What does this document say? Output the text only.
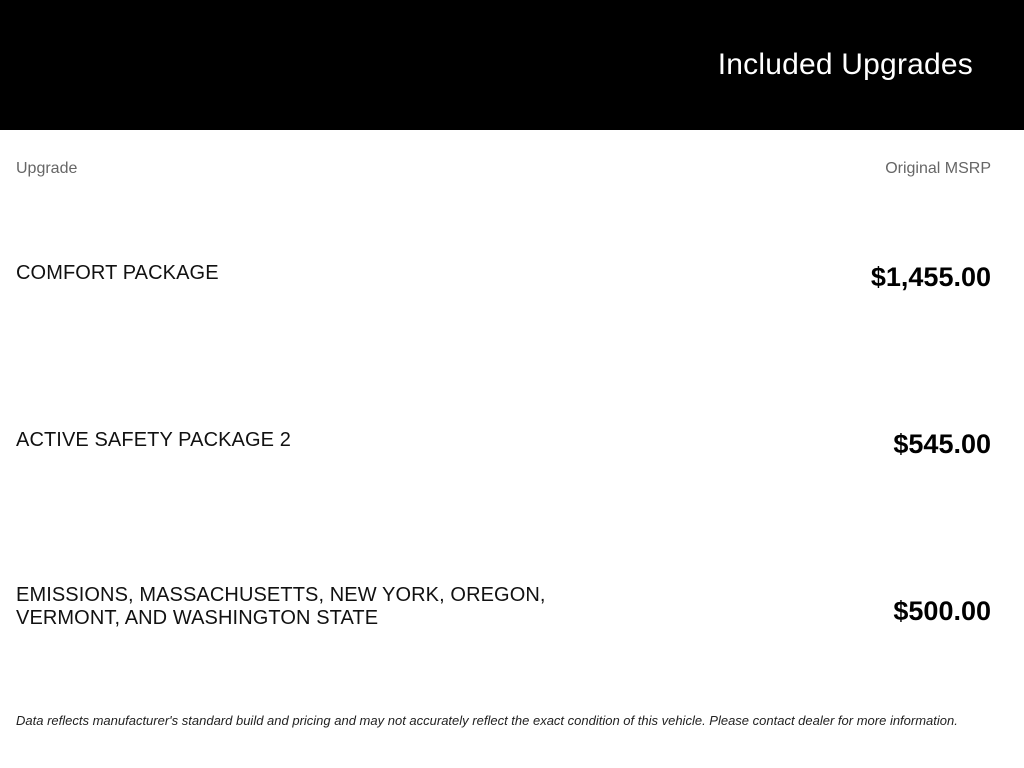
Included Upgrades
Upgrade	Original MSRP
COMFORT PACKAGE	$1,455.00
ACTIVE SAFETY PACKAGE 2	$545.00
EMISSIONS, MASSACHUSETTS, NEW YORK, OREGON, VERMONT, AND WASHINGTON STATE	$500.00
Data reflects manufacturer's standard build and pricing and may not accurately reflect the exact condition of this vehicle. Please contact dealer for more information.
